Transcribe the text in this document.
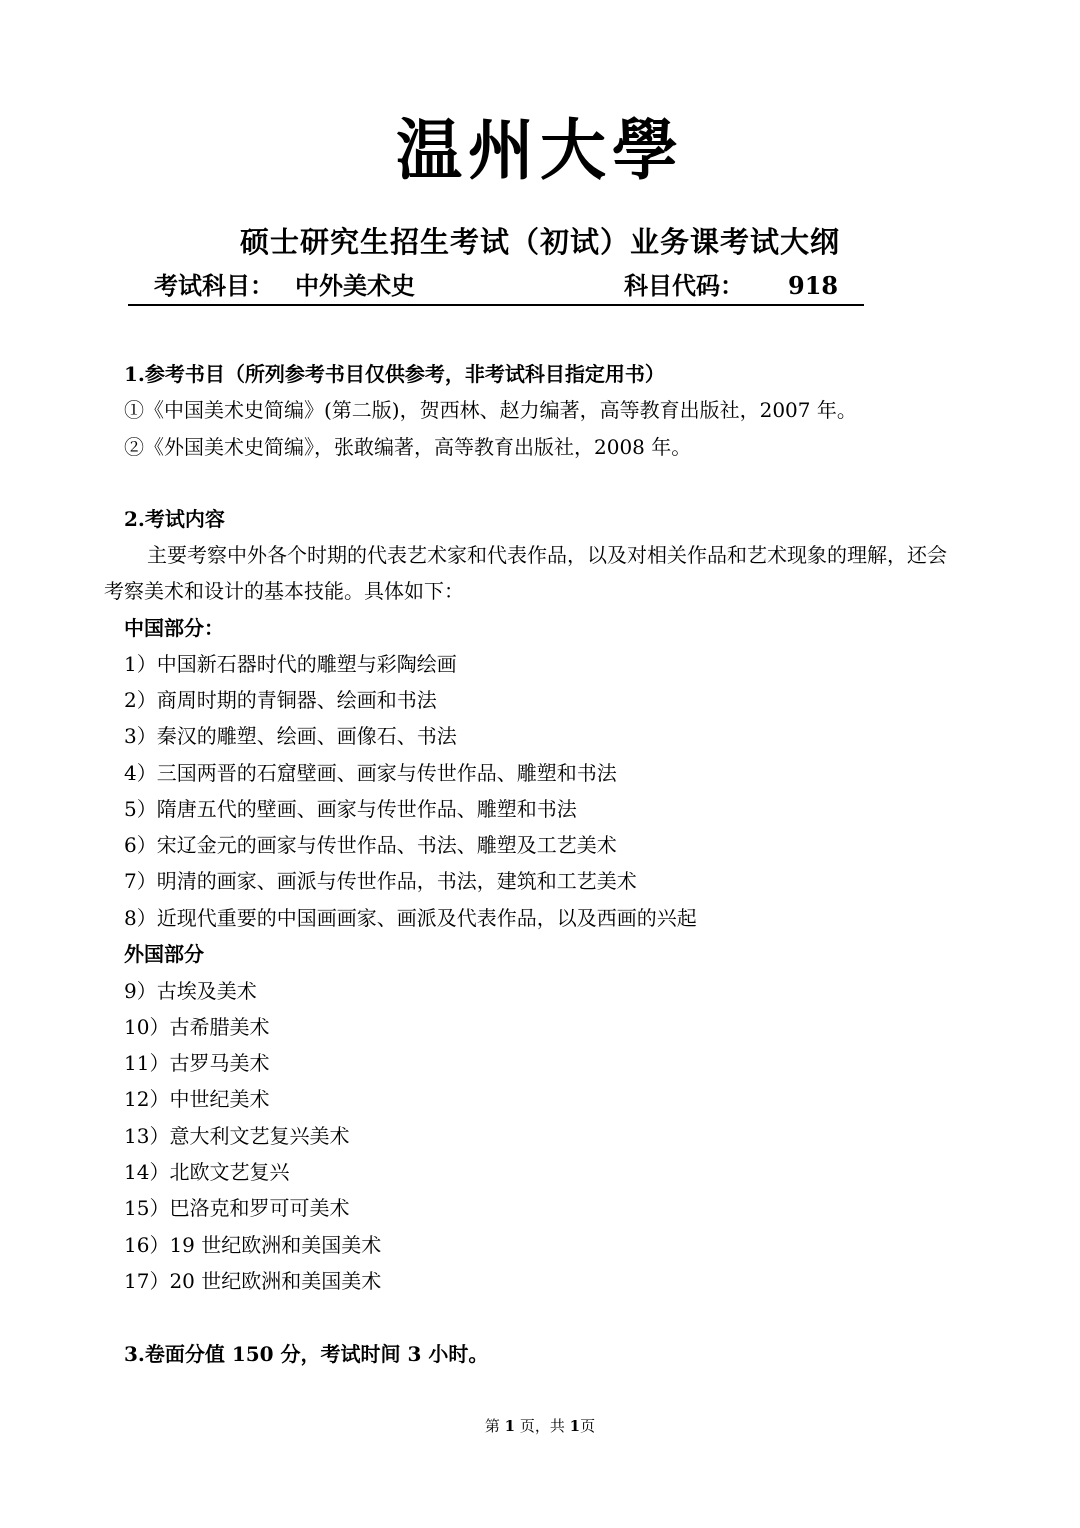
温州大學
硕士研究生招生考试（初试）业务课考试大纲
考试科目： 中外美术史	科目代码： 918
1.参考书目（所列参考书目仅供参考，非考试科目指定用书）
①《中国美术史简编》(第二版)，贺西林、赵力编著，高等教育出版社，2007 年。
②《外国美术史简编》，张敢编著，高等教育出版社，2008 年。
2.考试内容
主要考察中外各个时期的代表艺术家和代表作品，以及对相关作品和艺术现象的理解，还会
考察美术和设计的基本技能。具体如下：
中国部分：
1）中国新石器时代的雕塑与彩陶绘画
2）商周时期的青铜器、绘画和书法
3）秦汉的雕塑、绘画、画像石、书法
4）三国两晋的石窟壁画、画家与传世作品、雕塑和书法
5）隋唐五代的壁画、画家与传世作品、雕塑和书法
6）宋辽金元的画家与传世作品、书法、雕塑及工艺美术
7）明清的画家、画派与传世作品，书法，建筑和工艺美术
8）近现代重要的中国画画家、画派及代表作品，以及西画的兴起
外国部分
9）古埃及美术
10）古希腊美术
11）古罗马美术
12）中世纪美术
13）意大利文艺复兴美术
14）北欧文艺复兴
15）巴洛克和罗可可美术
16）19 世纪欧洲和美国美术
17）20 世纪欧洲和美国美术
3.卷面分值 150 分，考试时间 3 小时。
第 1 页，共 1页
